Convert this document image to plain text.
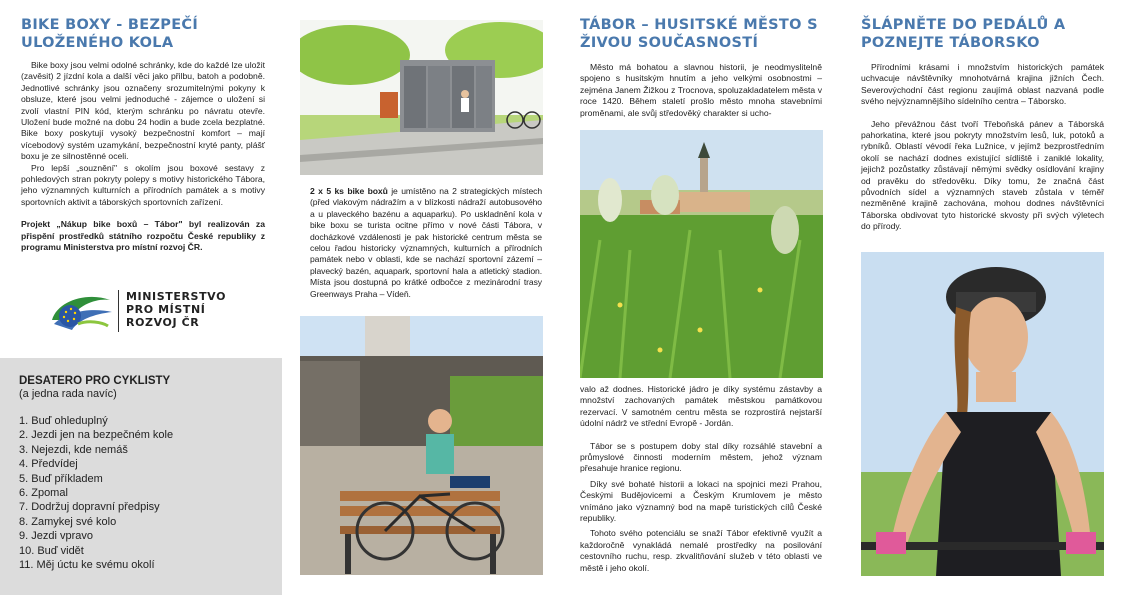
BIKE BOXY - BEZPEČÍ ULOŽENÉHO KOLA

Bike boxy jsou velmi odolné schránky, kde do každé lze uložit (zavěsit) 2 jízdní kola a další věci jako přilbu, batoh a podobně. Jednotlivé schránky jsou označeny srozumitelnými pokyny k obsluze, které jsou velmi jednoduché - zájemce o uložení si zvolí vlastní PIN kód, kterým schránku po návratu otevře. Uložení bude možné na dobu 24 hodin a bude zcela bezplatné. Bike boxy poskytují vysoký bezpečnostní komfort – mají vícebodový systém uzamykání, bezpečnostní kryté panty, plášť boxu je ze silnostěnné oceli.

Pro lepší „souznění" s okolím jsou boxové sestavy z pohledových stran pokryty polepy s motivy historického Tábora, jeho významných kulturních a přírodních památek a s motivy sportovních aktivit a táborských sportovních zařízení.

Projekt „Nákup bike boxů – Tábor" byl realizován za přispění prostředků státního rozpočtu České republiky z programu Ministerstva pro místní rozvoj ČR.

MINISTERSTVO
PRO MÍSTNÍ
ROZVOJ ČR
DESATERO PRO CYKLISTY
(a jedna rada navíc)
1. Buď ohleduplný
2. Jezdi jen na bezpečném kole
3. Nejezdi, kde nemáš
4. Předvídej
5. Buď příkladem
6. Zpomal
7. Dodržuj dopravní předpisy
8. Zamykej své kolo
9. Jezdi vpravo
10. Buď vidět
11. Měj úctu ke svému okolí

2 x 5 ks bike boxů je umístěno na 2 strategických místech (před vlakovým nádražím a v blízkosti nádraží autobusového a u plaveckého bazénu a aquaparku). Po uskladnění kola v bike boxu se turista ocitne přímo v nové části Tábora, v docházkové vzdálenosti je pak historické centrum města se celou řadou historicky významných, kulturních a přírodních památek nebo v oblasti, kde se nachází sportovní zázemí – plavecký bazén, aquapark, sportovní hala a atletický stadion. Místa jsou dostupná po krátké odbočce z mezinárodní trasy Greenways Praha – Vídeň.

TÁBOR – HUSITSKÉ MĚSTO S ŽIVOU SOUČASNOSTÍ

Město má bohatou a slavnou historii, je neodmyslitelně spojeno s husitským hnutím a jeho velkými osobnostmi – zejména Janem Žižkou z Trocnova, spoluzakladatelem města v roce 1420. Během staletí prošlo město mnoha stavebními proměnami, ale svůj středověký charakter si ucho-

valo až dodnes. Historické jádro je díky systému zástavby a množství zachovaných památek městskou památkovou rezervací. V samotném centru města se rozprostírá nejstarší údolní nádrž ve střední Evropě - Jordán.

Tábor se s postupem doby stal díky rozsáhlé stavební a průmyslové činnosti moderním městem, jehož význam přesahuje hranice regionu.

Díky své bohaté historii a lokaci na spojnici mezi Prahou, Českými Budějovicemi a Českým Krumlovem je město vnímáno jako významný bod na mapě turistických cílů České republiky.

Tohoto svého potenciálu se snaží Tábor efektivně využít a každoročně vynakládá nemalé prostředky na posilování cestovního ruchu, resp. zkvalitňování služeb v této oblasti ve městě i jeho okolí.

ŠLÁPNĚTE DO PEDÁLŮ A POZNEJTE TÁBORSKO

Přírodními krásami i množstvím historických památek uchvacuje návštěvníky mnohotvárná krajina jižních Čech. Severovýchodní část regionu zaujímá oblast nazvaná podle svého nejvýznamnějšího sídelního centra – Táborsko.

Jeho převážnou část tvoří Třeboňská pánev a Táborská pahorkatina, které jsou pokryty množstvím lesů, luk, potoků a rybníků. Oblastí vévodí řeka Lužnice, v jejímž bezprostředním okolí se nachází dodnes existující sídliště i zaniklé lokality, jejichž pozůstatky zůstávají němými svědky osídlování krajiny od pravěku do středověku. Díky tomu, že značná část původních sídel a významných staveb zůstala v téměř nezměněné krajině zachována, mohou dodnes návštěvníci Táborska obdivovat tyto historické skvosty při svých výletech do přírody.
